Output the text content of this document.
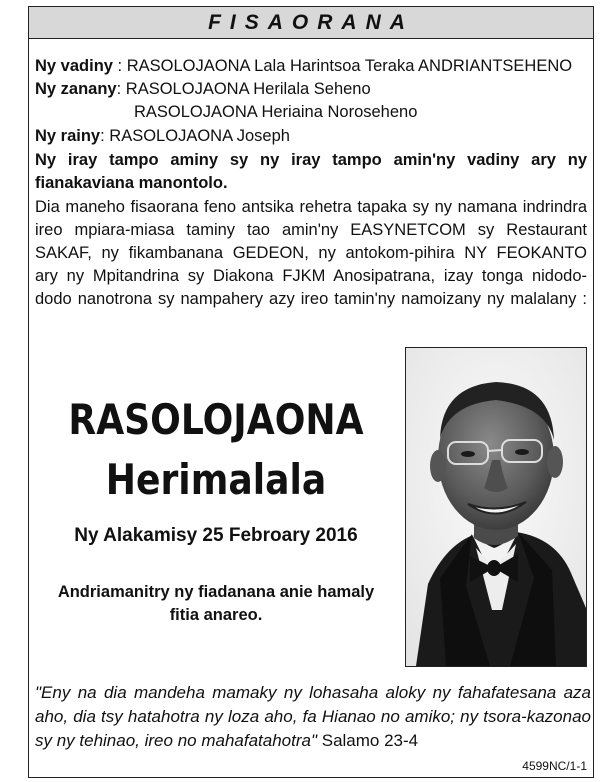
FISAORANA
Ny vadiny : RASOLOJAONA Lala Harintsoa Teraka ANDRIANTSEHENO
Ny zanany: RASOLOJAONA Herilala Seheno
RASOLOJAONA Heriaina Noroseheno
Ny rainy: RASOLOJAONA Joseph
Ny iray tampo aminy sy ny iray tampo amin'ny vadiny ary ny
fianakaviana manontolo.
Dia maneho fisaorana feno antsika rehetra tapaka sy ny namana indrindra
ireo mpiara-miasa taminy tao amin'ny EASYNETCOM sy Restaurant
SAKAF, ny fikambanana GEDEON, ny antokom-pihira NY FEOKANTO
ary ny Mpitandrina sy Diakona FJKM Anosipatrana, izay tonga nidodo-
dodo nanotrona sy nampahery azy ireo tamin'ny namoizany ny malalany :
RASOLOJAONA
Herimalala
Ny Alakamisy 25 Febroary 2016
Andriamanitry ny fiadanana anie hamaly
fitia anareo.
"Eny na dia mandeha mamaky ny lohasaha aloky ny fahafatesana aza
aho, dia tsy hatahotra ny loza aho, fa Hianao no amiko; ny tsora-kazonao
sy ny tehinao, ireo no mahafatahotra" Salamo 23-4
4599NC/1-1
